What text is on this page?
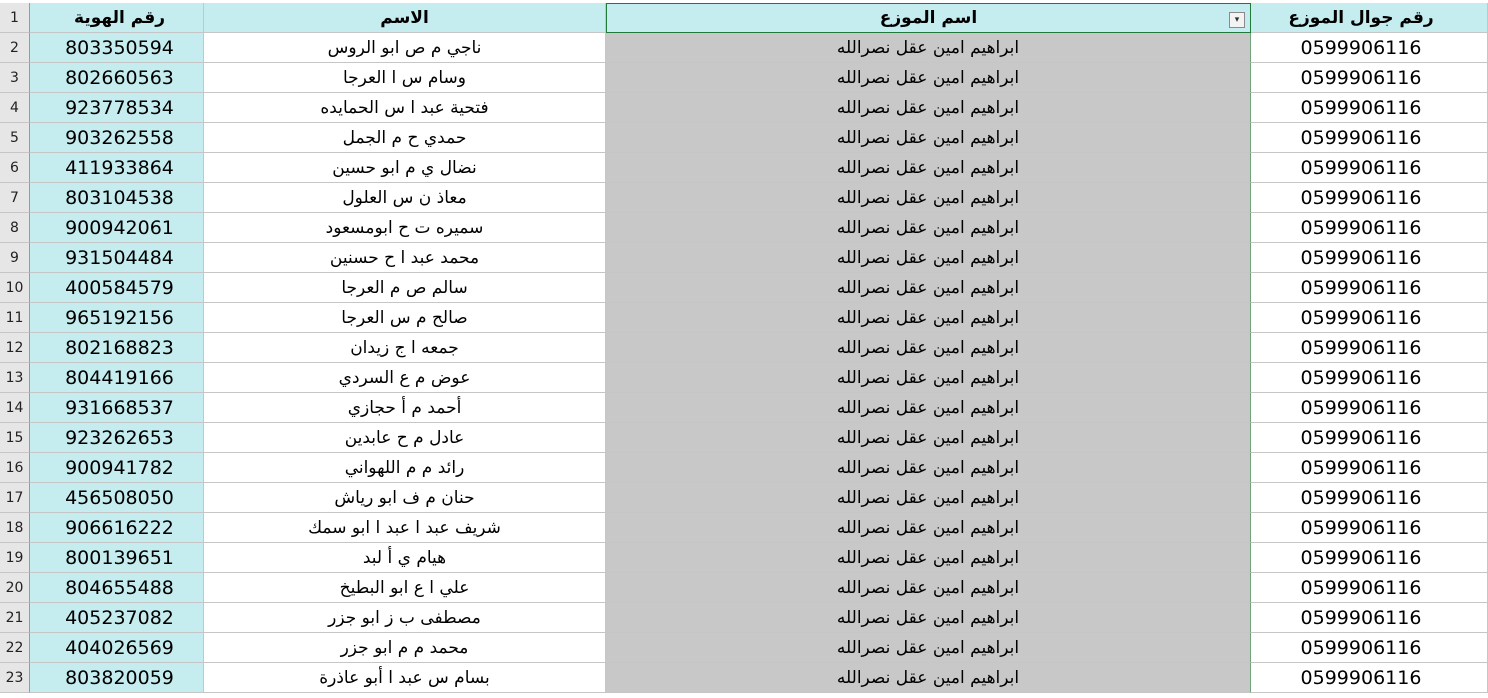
1	رقم الهوية	الاسم	اسم الموزع	▾	رقم جوال الموزع
2	803350594	ناجي م ص ابو الروس	ابراهيم امين عقل نصرالله	0599906116
3	802660563	وسام س ا العرجا	ابراهيم امين عقل نصرالله	0599906116
4	923778534	فتحية عبد ا س الحمايده	ابراهيم امين عقل نصرالله	0599906116
5	903262558	حمدي ح م الجمل	ابراهيم امين عقل نصرالله	0599906116
6	411933864	نضال ي م ابو حسين	ابراهيم امين عقل نصرالله	0599906116
7	803104538	معاذ ن س العلول	ابراهيم امين عقل نصرالله	0599906116
8	900942061	سميره ت ح ابومسعود	ابراهيم امين عقل نصرالله	0599906116
9	931504484	محمد عبد ا ح حسنين	ابراهيم امين عقل نصرالله	0599906116
10	400584579	سالم ص م العرجا	ابراهيم امين عقل نصرالله	0599906116
11	965192156	صالح م س العرجا	ابراهيم امين عقل نصرالله	0599906116
12	802168823	جمعه ا ج زيدان	ابراهيم امين عقل نصرالله	0599906116
13	804419166	عوض م ع السردي	ابراهيم امين عقل نصرالله	0599906116
14	931668537	أحمد م أ حجازي	ابراهيم امين عقل نصرالله	0599906116
15	923262653	عادل م ح عابدين	ابراهيم امين عقل نصرالله	0599906116
16	900941782	رائد م م اللهواني	ابراهيم امين عقل نصرالله	0599906116
17	456508050	حنان م ف ابو رياش	ابراهيم امين عقل نصرالله	0599906116
18	906616222	شريف عبد ا عبد ا ابو سمك	ابراهيم امين عقل نصرالله	0599906116
19	800139651	هيام ي أ لبد	ابراهيم امين عقل نصرالله	0599906116
20	804655488	علي ا ع ابو البطيخ	ابراهيم امين عقل نصرالله	0599906116
21	405237082	مصطفى ب ز ابو جزر	ابراهيم امين عقل نصرالله	0599906116
22	404026569	محمد م م ابو جزر	ابراهيم امين عقل نصرالله	0599906116
23	803820059	بسام س عبد ا أبو عاذرة	ابراهيم امين عقل نصرالله	0599906116
